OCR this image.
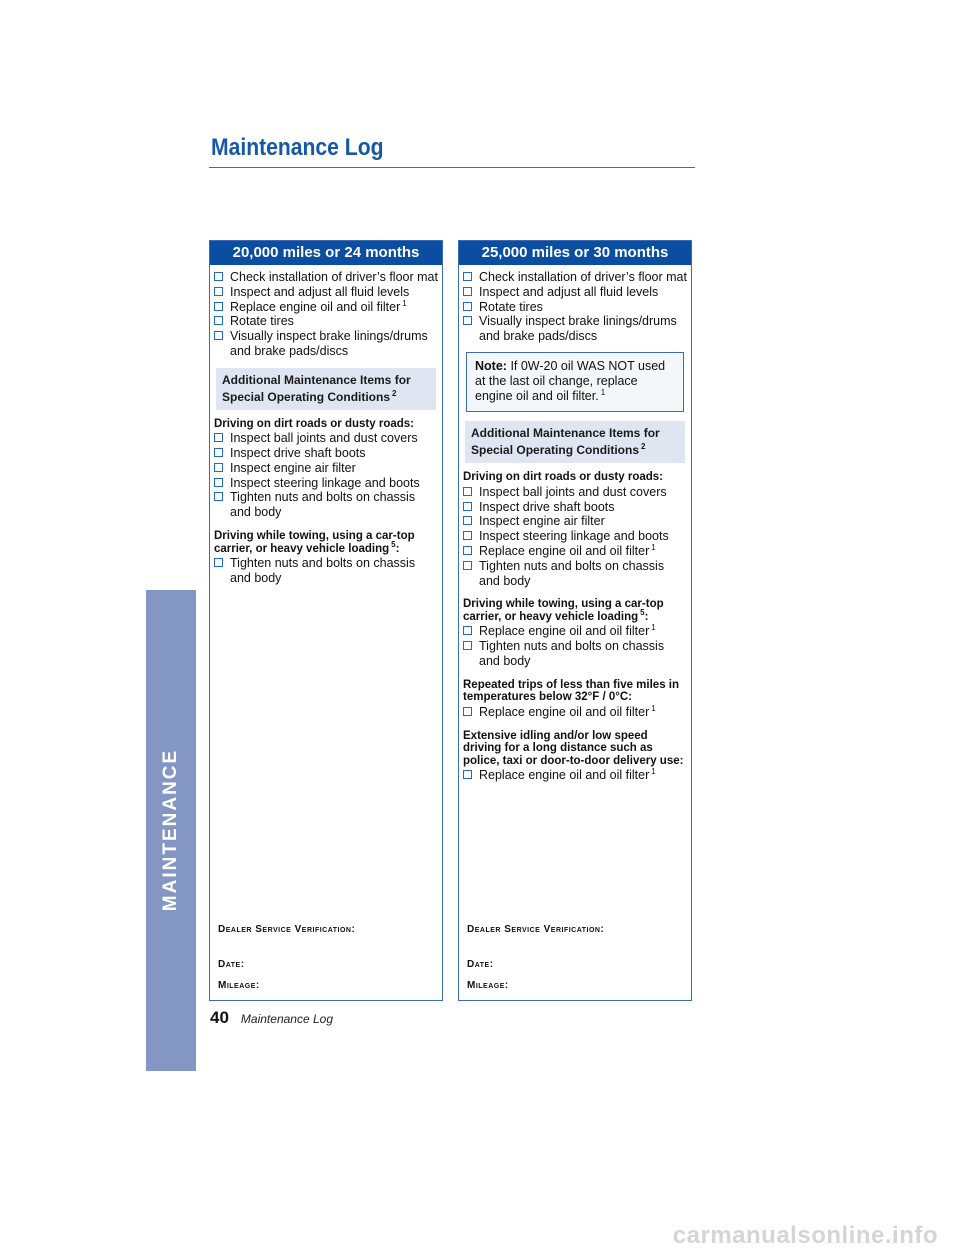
MAINTENANCE
Maintenance Log
20,000 miles or 24 months
Check installation of driver’s floor mat
Inspect and adjust all fluid levels
Replace engine oil and oil filter $^1$
Rotate tires
Visually inspect brake linings/drums and brake pads/discs
Additional Maintenance Items for Special Operating Conditions $^2$
Driving on dirt roads or dusty roads:
Inspect ball joints and dust covers
Inspect drive shaft boots
Inspect engine air filter
Inspect steering linkage and boots
Tighten nuts and bolts on chassis and body
Driving while towing, using a car-top carrier, or heavy vehicle loading $^5$:
Tighten nuts and bolts on chassis and body
Dealer Service Verification:
Date:
Mileage:
25,000 miles or 30 months
Check installation of driver’s floor mat
Inspect and adjust all fluid levels
Rotate tires
Visually inspect brake linings/drums and brake pads/discs
Note: If 0W-20 oil WAS NOT used at the last oil change, replace engine oil and oil filter. $^1$
Additional Maintenance Items for Special Operating Conditions $^2$
Driving on dirt roads or dusty roads:
Inspect ball joints and dust covers
Inspect drive shaft boots
Inspect engine air filter
Inspect steering linkage and boots
Replace engine oil and oil filter $^1$
Tighten nuts and bolts on chassis and body
Driving while towing, using a car-top carrier, or heavy vehicle loading $^5$:
Replace engine oil and oil filter $^1$
Tighten nuts and bolts on chassis and body
Repeated trips of less than five miles in temperatures below 32°F / 0°C:
Replace engine oil and oil filter $^1$
Extensive idling and/or low speed driving for a long distance such as police, taxi or door-to-door delivery use:
Replace engine oil and oil filter $^1$
Dealer Service Verification:
Date:
Mileage:
40 Maintenance Log
carmanualsonline.info
